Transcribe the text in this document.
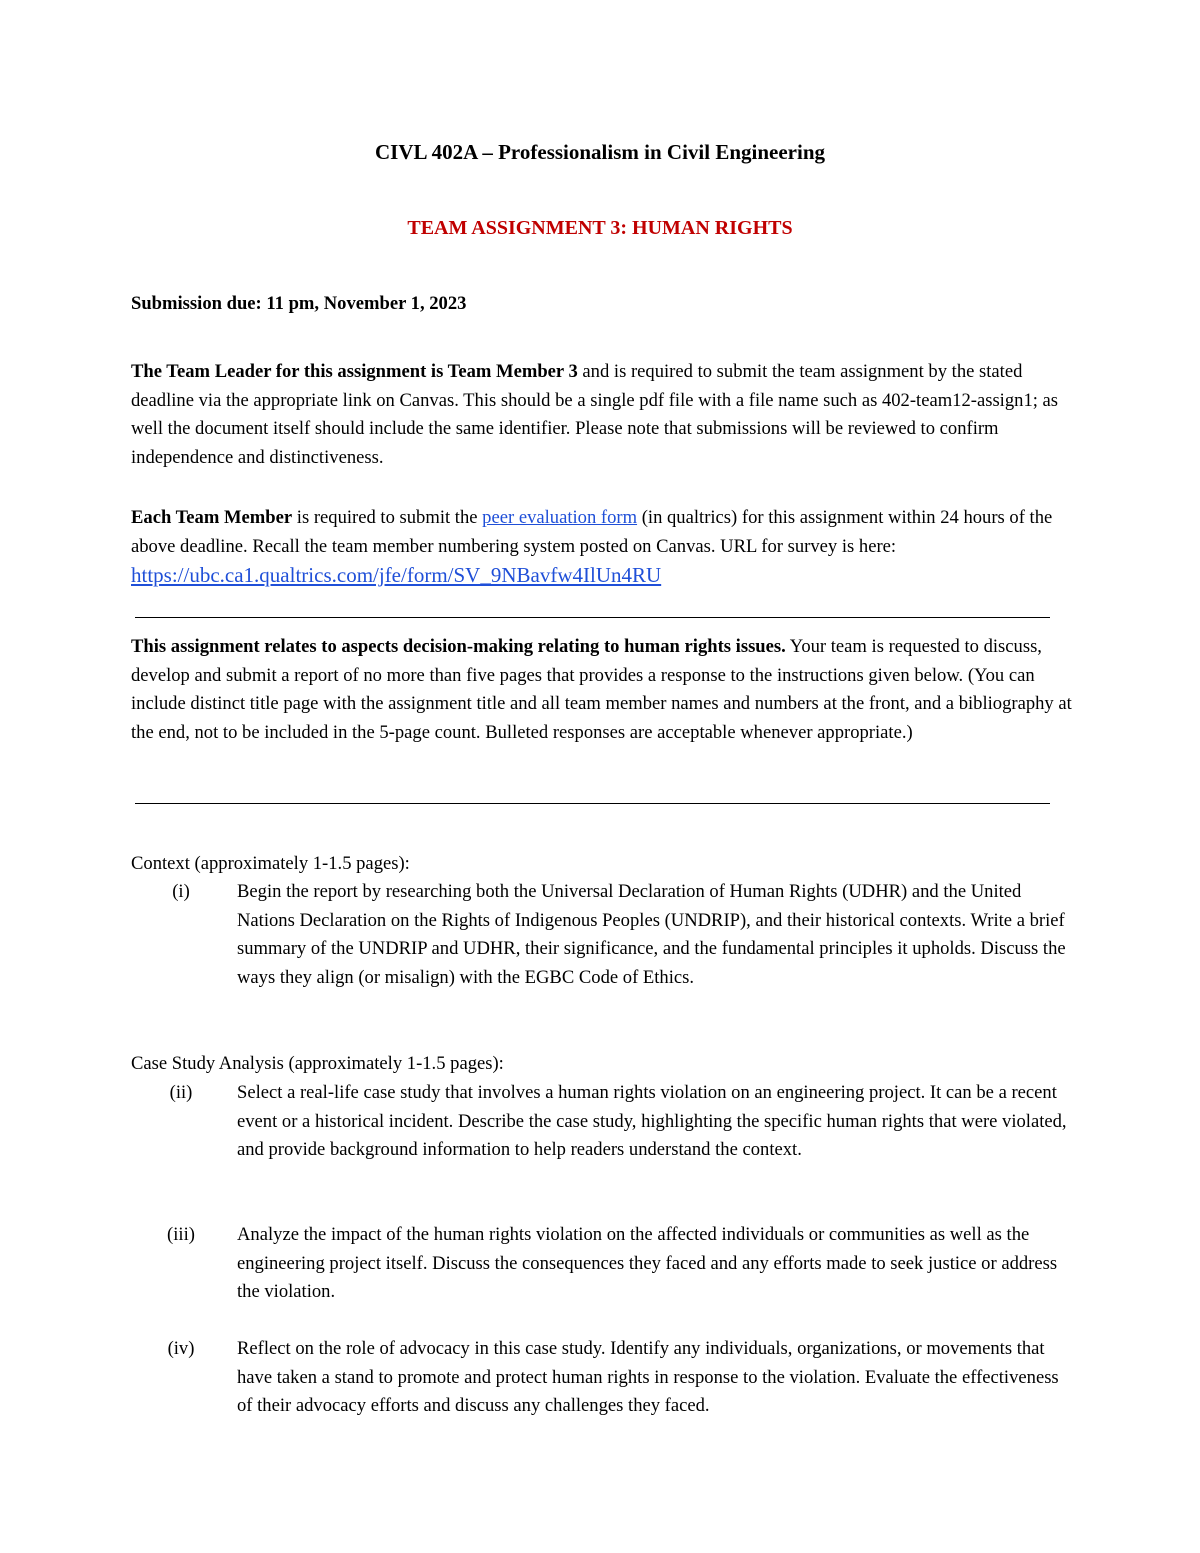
CIVL 402A – Professionalism in Civil Engineering
TEAM ASSIGNMENT 3: HUMAN RIGHTS
Submission due: 11 pm, November 1, 2023
The Team Leader for this assignment is Team Member 3 and is required to submit the team assignment by the stated deadline via the appropriate link on Canvas. This should be a single pdf file with a file name such as 402-team12-assign1; as well the document itself should include the same identifier. Please note that submissions will be reviewed to confirm independence and distinctiveness.
Each Team Member is required to submit the peer evaluation form (in qualtrics) for this assignment within 24 hours of the above deadline. Recall the team member numbering system posted on Canvas. URL for survey is here: https://ubc.ca1.qualtrics.com/jfe/form/SV_9NBavfw4IlUn4RU
This assignment relates to aspects decision-making relating to human rights issues. Your team is requested to discuss, develop and submit a report of no more than five pages that provides a response to the instructions given below. (You can include distinct title page with the assignment title and all team member names and numbers at the front, and a bibliography at the end, not to be included in the 5-page count. Bulleted responses are acceptable whenever appropriate.)
Context (approximately 1-1.5 pages):
(i)	Begin the report by researching both the Universal Declaration of Human Rights (UDHR) and the United Nations Declaration on the Rights of Indigenous Peoples (UNDRIP), and their historical contexts. Write a brief summary of the UNDRIP and UDHR, their significance, and the fundamental principles it upholds. Discuss the ways they align (or misalign) with the EGBC Code of Ethics.
Case Study Analysis (approximately 1-1.5 pages):
(ii)	Select a real-life case study that involves a human rights violation on an engineering project. It can be a recent event or a historical incident. Describe the case study, highlighting the specific human rights that were violated, and provide background information to help readers understand the context.
(iii)	Analyze the impact of the human rights violation on the affected individuals or communities as well as the engineering project itself. Discuss the consequences they faced and any efforts made to seek justice or address the violation.
(iv)	Reflect on the role of advocacy in this case study. Identify any individuals, organizations, or movements that have taken a stand to promote and protect human rights in response to the violation. Evaluate the effectiveness of their advocacy efforts and discuss any challenges they faced.
